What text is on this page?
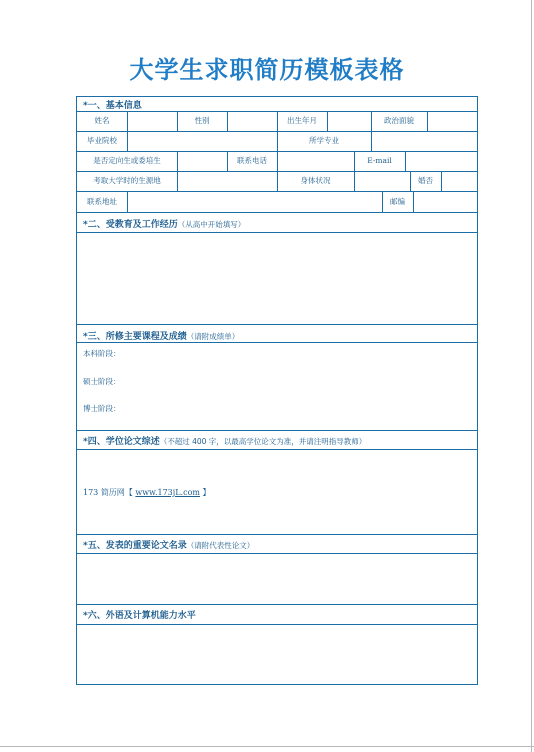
大学生求职简历模板表格
*一、基本信息
姓名	性别	出生年月	政治面貌
毕业院校	所学专业
是否定向生或委培生	联系电话	E-mail
考取大学时的生源地	身体状况	婚否
联系地址	邮编
*二、受教育及工作经历（从高中开始填写）
*三、所修主要课程及成绩（请附成绩单）
本科阶段：
硕士阶段：
博士阶段：
*四、学位论文综述（不超过 400 字，以最高学位论文为准，并请注明指导教师）
173 简历网【 www.173jL.com 】
*五、发表的重要论文名录（请附代表性论文）
*六、外语及计算机能力水平
